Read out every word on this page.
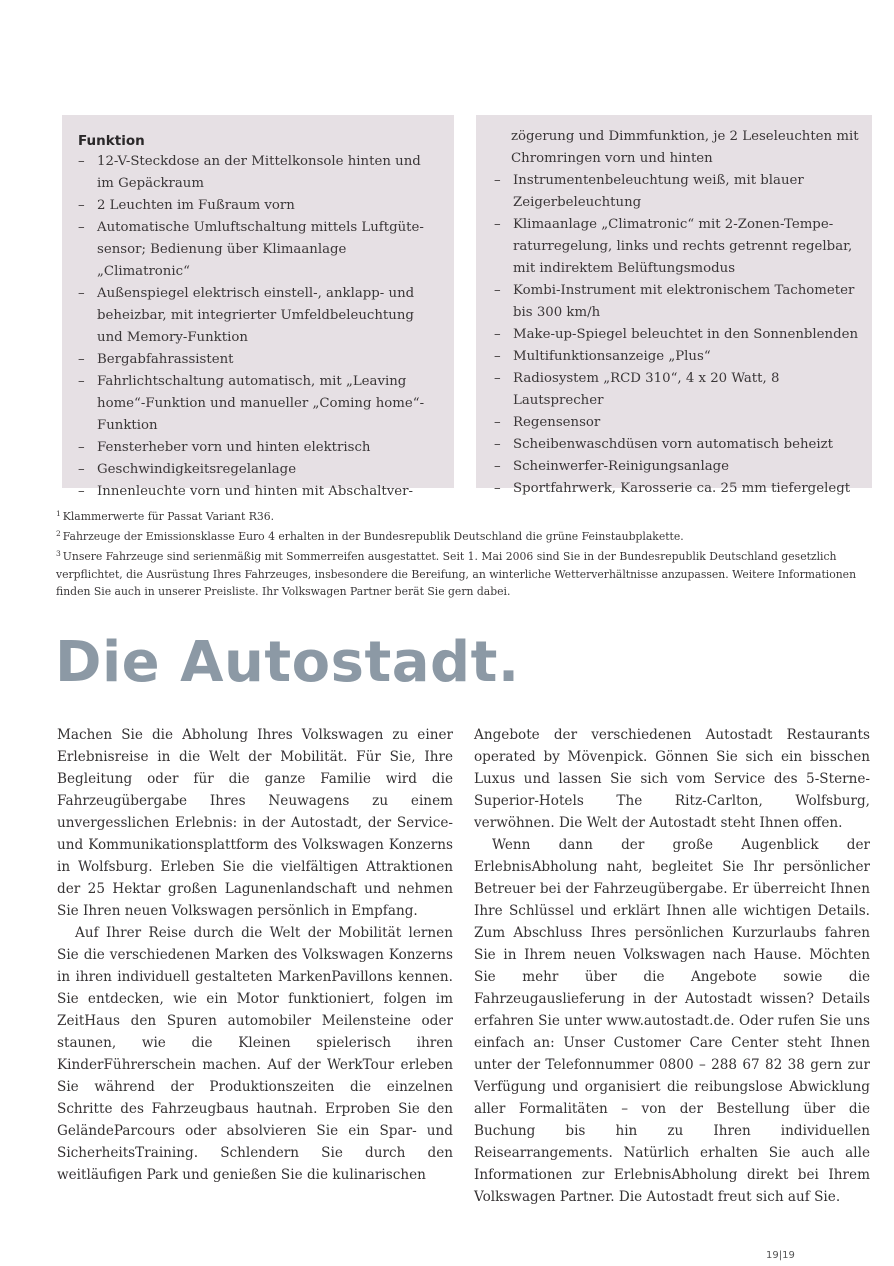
Funktion
– 12-V-Steckdose an der Mittelkonsole hinten und im Gepäckraum
– 2 Leuchten im Fußraum vorn
– Automatische Umluftschaltung mittels Luftgütesensor; Bedienung über Klimaanlage „Climatronic“
– Außenspiegel elektrisch einstell-, anklapp- und beheizbar, mit integrierter Umfeldbeleuchtung und Memory-Funktion
– Bergabfahrassistent
– Fahrlichtschaltung automatisch, mit „Leaving home“-Funktion und manueller „Coming home“-Funktion
– Fensterheber vorn und hinten elektrisch
– Geschwindigkeitsregelanlage
– Innenleuchte vorn und hinten mit Abschaltver-
zögerung und Dimmfunktion, je 2 Leseleuchten mit Chromringen vorn und hinten
– Instrumentenbeleuchtung weiß, mit blauer Zeigerbeleuchtung
– Klimaanlage „Climatronic“ mit 2-Zonen-Temperaturregelung, links und rechts getrennt regelbar, mit indirektem Belüftungsmodus
– Kombi-Instrument mit elektronischem Tachometer bis 300 km/h
– Make-up-Spiegel beleuchtet in den Sonnenblenden
– Multifunktionsanzeige „Plus“
– Radiosystem „RCD 310“, 4 x 20 Watt, 8 Lautsprecher
– Regensensor
– Scheibenwaschdüsen vorn automatisch beheizt
– Scheinwerfer-Reinigungsanlage
– Sportfahrwerk, Karosserie ca. 25 mm tiefergelegt

$^1$ Klammerwerte für Passat Variant R36.

$^2$ Fahrzeuge der Emissionsklasse Euro 4 erhalten in der Bundesrepublik Deutschland die grüne Feinstaubplakette.

$^3$ Unsere Fahrzeuge sind serienmäßig mit Sommerreifen ausgestattet. Seit 1. Mai 2006 sind Sie in der Bundesrepublik Deutschland gesetzlich verpflichtet, die Ausrüstung Ihres Fahrzeuges, insbesondere die Bereifung, an winterliche Wetterverhältnisse anzupassen. Weitere Informationen finden Sie auch in unserer Preisliste. Ihr Volkswagen Partner berät Sie gern dabei.

Die Autostadt.

Machen Sie die Abholung Ihres Volkswagen zu einer Erlebnisreise in die Welt der Mobilität. Für Sie, Ihre Begleitung oder für die ganze Familie wird die Fahrzeugübergabe Ihres Neuwagens zu einem unvergesslichen Erlebnis: in der Autostadt, der Service- und Kommunikationsplattform des Volkswagen Konzerns in Wolfsburg. Erleben Sie die vielfältigen Attraktionen der 25 Hektar großen Lagunenlandschaft und nehmen Sie Ihren neuen Volkswagen persönlich in Empfang.

Auf Ihrer Reise durch die Welt der Mobilität lernen Sie die verschiedenen Marken des Volkswagen Konzerns in ihren individuell gestalteten MarkenPavillons kennen. Sie entdecken, wie ein Motor funktioniert, folgen im ZeitHaus den Spuren automobiler Meilensteine oder staunen, wie die Kleinen spielerisch ihren KinderFührerschein machen. Auf der WerkTour erleben Sie während der Produktionszeiten die einzelnen Schritte des Fahrzeugbaus hautnah. Erproben Sie den GeländeParcours oder absolvieren Sie ein Spar- und SicherheitsTraining. Schlendern Sie durch den weitläufigen Park und genießen Sie die kulinarischen

Angebote der verschiedenen Autostadt Restaurants operated by Mövenpick. Gönnen Sie sich ein bisschen Luxus und lassen Sie sich vom Service des 5-Sterne-Superior-Hotels The Ritz-Carlton, Wolfsburg, verwöhnen. Die Welt der Autostadt steht Ihnen offen.

Wenn dann der große Augenblick der ErlebnisAbholung naht, begleitet Sie Ihr persönlicher Betreuer bei der Fahrzeugübergabe. Er überreicht Ihnen Ihre Schlüssel und erklärt Ihnen alle wichtigen Details. Zum Abschluss Ihres persönlichen Kurzurlaubs fahren Sie in Ihrem neuen Volkswagen nach Hause. Möchten Sie mehr über die Angebote sowie die Fahrzeugauslieferung in der Autostadt wissen? Details erfahren Sie unter www.autostadt.de. Oder rufen Sie uns einfach an: Unser Customer Care Center steht Ihnen unter der Telefonnummer 0800 – 288 67 82 38 gern zur Verfügung und organisiert die reibungslose Abwicklung aller Formalitäten – von der Bestellung über die Buchung bis hin zu Ihren individuellen Reisearrangements. Natürlich erhalten Sie auch alle Informationen zur ErlebnisAbholung direkt bei Ihrem Volkswagen Partner. Die Autostadt freut sich auf Sie.

19|19
